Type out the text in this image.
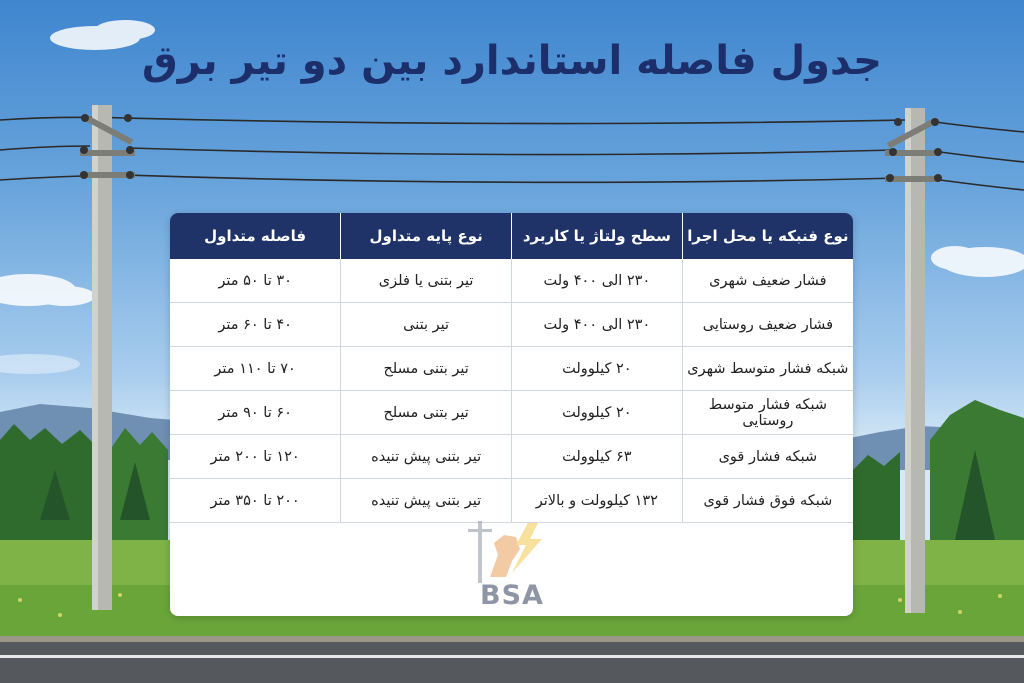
جدول فاصله استاندارد بین دو تیر برق
نوع فنبکه یا محل اجرا	سطح ولتاژ یا کاربرد	نوع پایه متداول	فاصله متداول
فشار ضعیف شهری	۲۳۰ الی ۴۰۰ ولت	تیر بتنی یا فلزی	۳۰ تا ۵۰ متر
فشار ضعیف روستایی	۲۳۰ الی ۴۰۰ ولت	تیر بتنی	۴۰ تا ۶۰ متر
شبکه فشار متوسط شهری	۲۰ کیلوولت	تیر بتنی مسلح	۷۰ تا ۱۱۰ متر
شبکه فشار متوسط روستایی	۲۰ کیلوولت	تیر بتنی مسلح	۶۰ تا ۹۰ متر
شبکه فشار قوی	۶۳ کیلوولت	تیر بتنی پیش تنیده	۱۲۰ تا ۲۰۰ متر
شبکه فوق فشار قوی	۱۳۲ کیلوولت و بالاتر	تیر بتنی پیش تنیده	۲۰۰ تا ۳۵۰ متر
BSA
